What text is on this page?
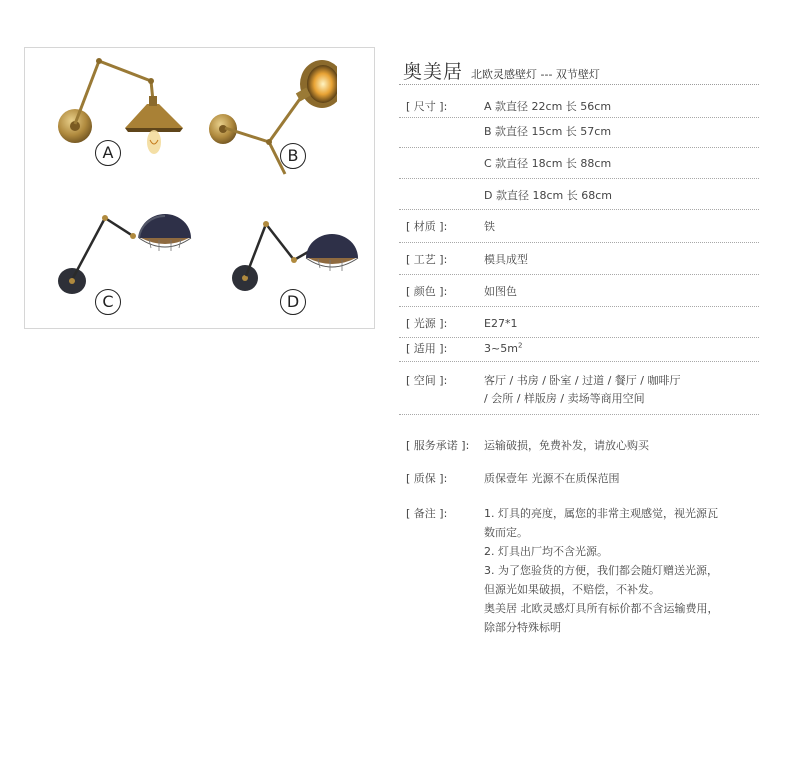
A	B
C	D
奥美居 北欧灵感壁灯 --- 双节壁灯
[ 尺寸 ]:	A 款直径 22cm 长 56cm
B 款直径 15cm 长 57cm
C 款直径 18cm 长 88cm
D 款直径 18cm 长 68cm
[ 材质 ]:	铁
[ 工艺 ]:	模具成型
[ 颜色 ]:	如图色
[ 光源 ]:	E27*1
[ 适用 ]:	$3\sim 5m^2$
[ 空间 ]:	客厅 / 书房 / 卧室 / 过道 / 餐厅 / 咖啡厅
/ 会所 / 样版房 / 卖场等商用空间
[ 服务承诺 ]:	运输破损，免费补发，请放心购买
[ 质保 ]:	质保壹年 光源不在质保范围
[ 备注 ]:	1. 灯具的亮度，属您的非常主观感觉，视光源瓦
数而定。
2. 灯具出厂均不含光源。
3. 为了您验货的方便，我们都会随灯赠送光源，
但源光如果破损，不赔偿，不补发。
奥美居 北欧灵感灯具所有标价都不含运输费用，
除部分特殊标明
